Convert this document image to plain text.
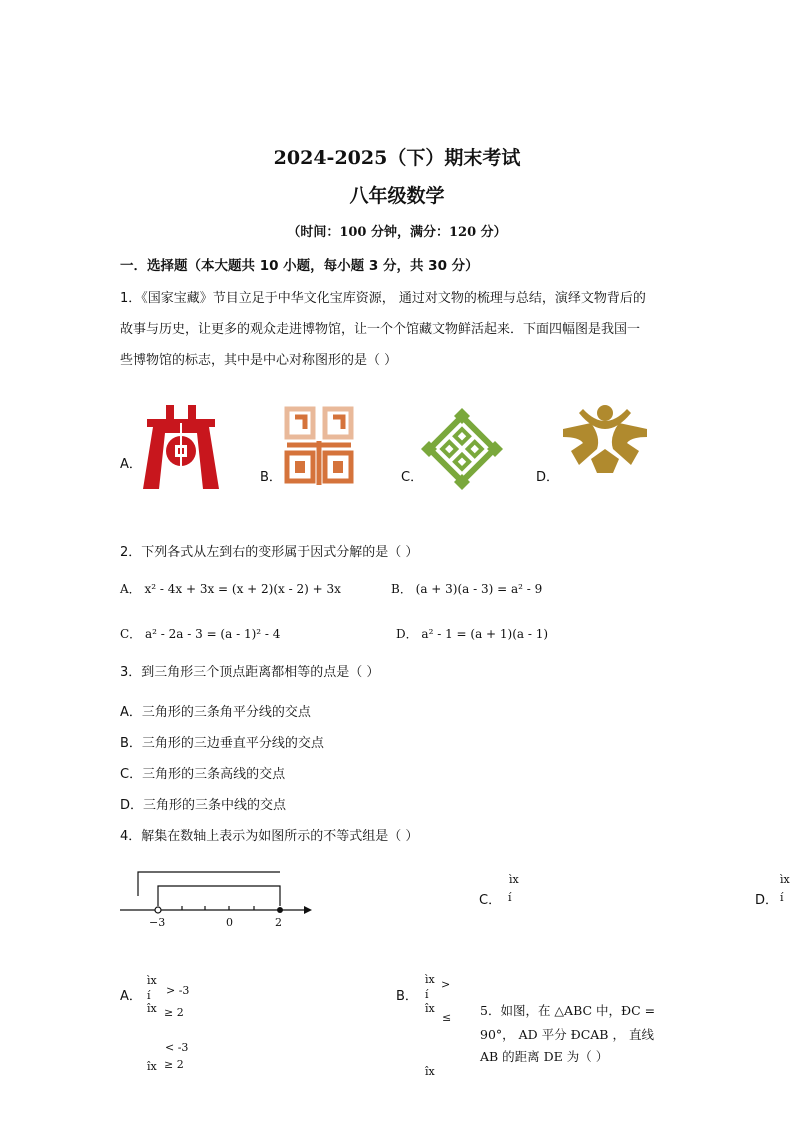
2024-2025（下）期末考试
八年级数学
（时间：100 分钟，满分：120 分）
一．选择题（本大题共 10 小题，每小题 3 分，共 30 分）
1．《国家宝藏》节目立足于中华文化宝库资源， 通过对文物的梳理与总结，演绎文物背后的
故事与历史，让更多的观众走进博物馆，让一个个馆藏文物鲜活起来．下面四幅图是我国一
些博物馆的标志，其中是中心对称图形的是（ ）
A．
B．	C．	D．
2．下列各式从左到右的变形属于因式分解的是（ ）
A． x² - 4x + 3x = (x + 2)(x - 2) + 3x	B． (a + 3)(a - 3) = a² - 9
C． a² - 2a - 3 = (a - 1)² - 4	D． a² - 1 = (a + 1)(a - 1)
3．到三角形三个顶点距离都相等的点是（ ）
A．三角形的三条角平分线的交点
B．三角形的三边垂直平分线的交点
C．三角形的三条高线的交点
D．三角形的三条中线的交点
4．解集在数轴上表示为如图所示的不等式组是（ ）
−3	0	2
ìx
C． í
ìx
D． í
ìx
> -3
A． í
îx ≥ 2
< -3
îx ≥ 2
ìx >
B． í
îx
≤
îx
5．如图，在 △ABC 中，ÐC =
90°， AD 平分 ÐCAB ， 直线
AB 的距离 DE 为（ ）
